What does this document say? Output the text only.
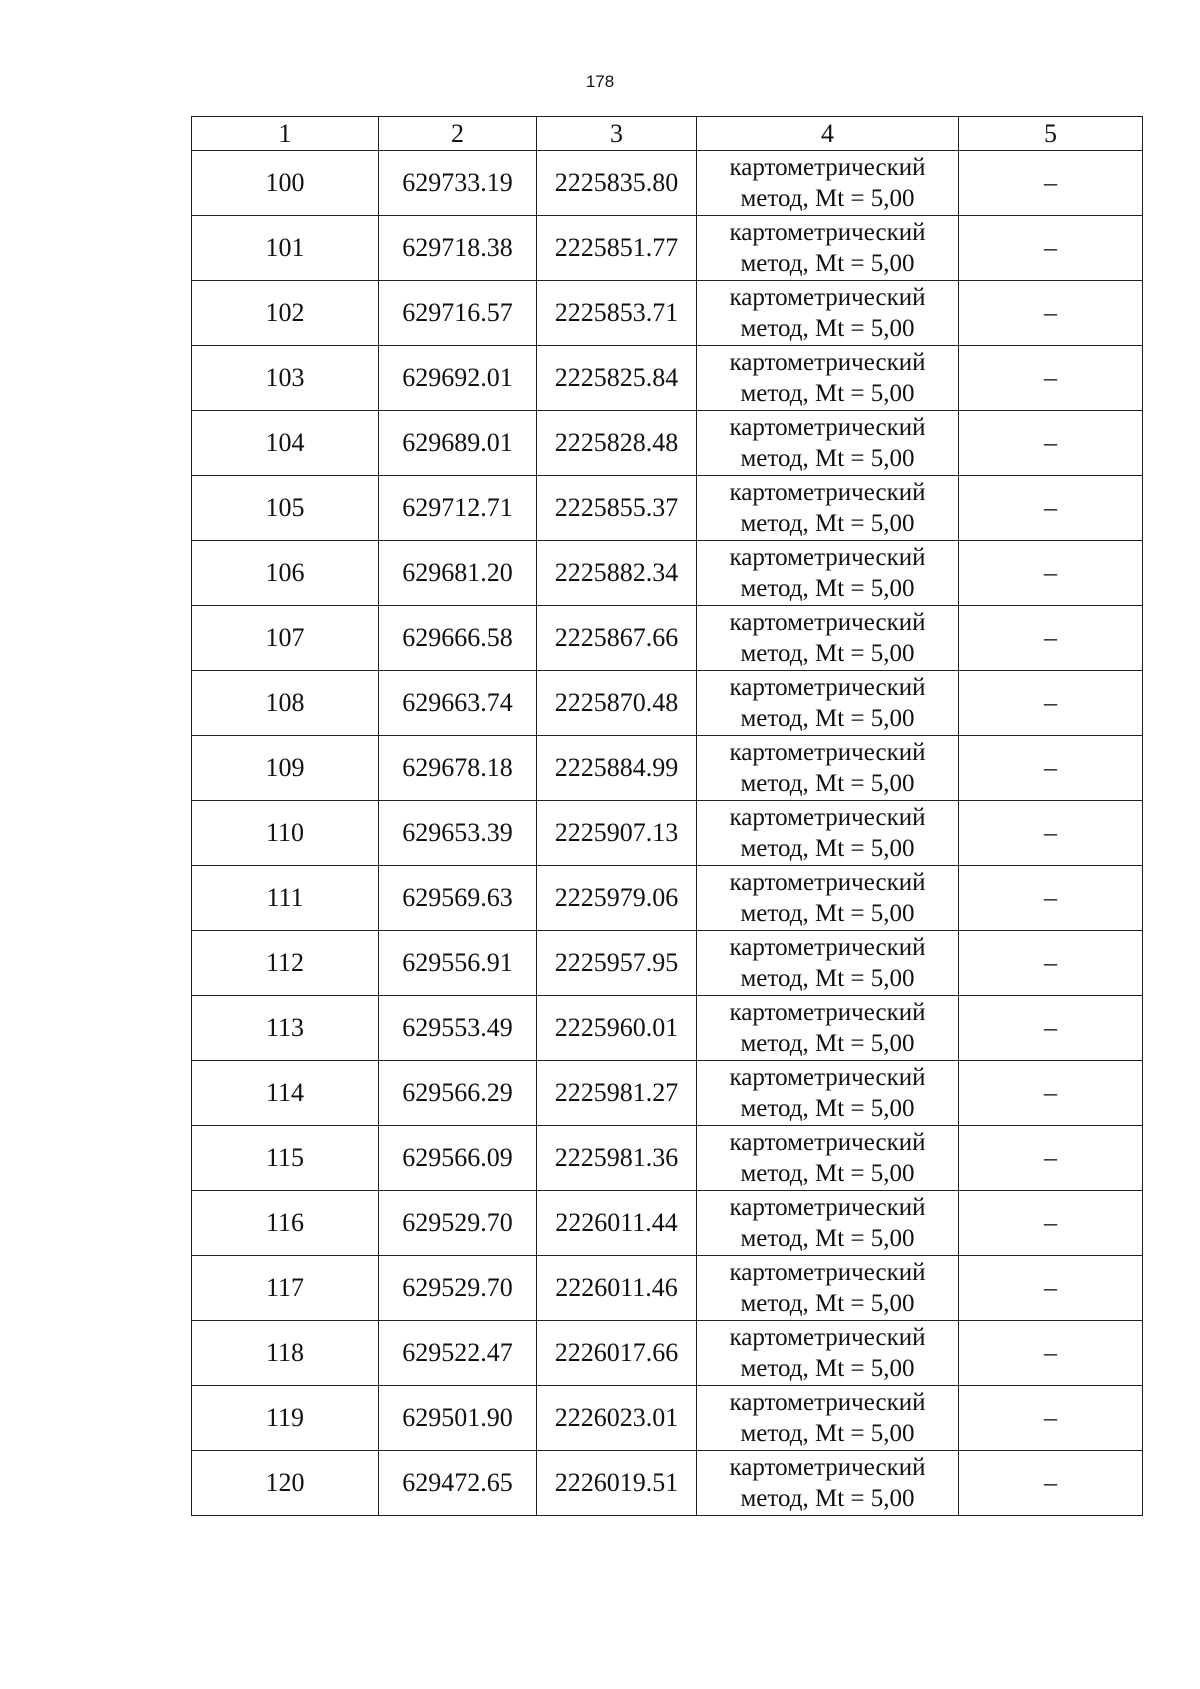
178
1	2	3	4	5
100	629733.19	2225835.80	картометрический
метод, Mt = 5,00	–
101	629718.38	2225851.77	картометрический
метод, Mt = 5,00	–
102	629716.57	2225853.71	картометрический
метод, Mt = 5,00	–
103	629692.01	2225825.84	картометрический
метод, Mt = 5,00	–
104	629689.01	2225828.48	картометрический
метод, Mt = 5,00	–
105	629712.71	2225855.37	картометрический
метод, Mt = 5,00	–
106	629681.20	2225882.34	картометрический
метод, Mt = 5,00	–
107	629666.58	2225867.66	картометрический
метод, Mt = 5,00	–
108	629663.74	2225870.48	картометрический
метод, Mt = 5,00	–
109	629678.18	2225884.99	картометрический
метод, Mt = 5,00	–
110	629653.39	2225907.13	картометрический
метод, Mt = 5,00	–
111	629569.63	2225979.06	картометрический
метод, Mt = 5,00	–
112	629556.91	2225957.95	картометрический
метод, Mt = 5,00	–
113	629553.49	2225960.01	картометрический
метод, Mt = 5,00	–
114	629566.29	2225981.27	картометрический
метод, Mt = 5,00	–
115	629566.09	2225981.36	картометрический
метод, Mt = 5,00	–
116	629529.70	2226011.44	картометрический
метод, Mt = 5,00	–
117	629529.70	2226011.46	картометрический
метод, Mt = 5,00	–
118	629522.47	2226017.66	картометрический
метод, Mt = 5,00	–
119	629501.90	2226023.01	картометрический
метод, Mt = 5,00	–
120	629472.65	2226019.51	картометрический
метод, Mt = 5,00	–
